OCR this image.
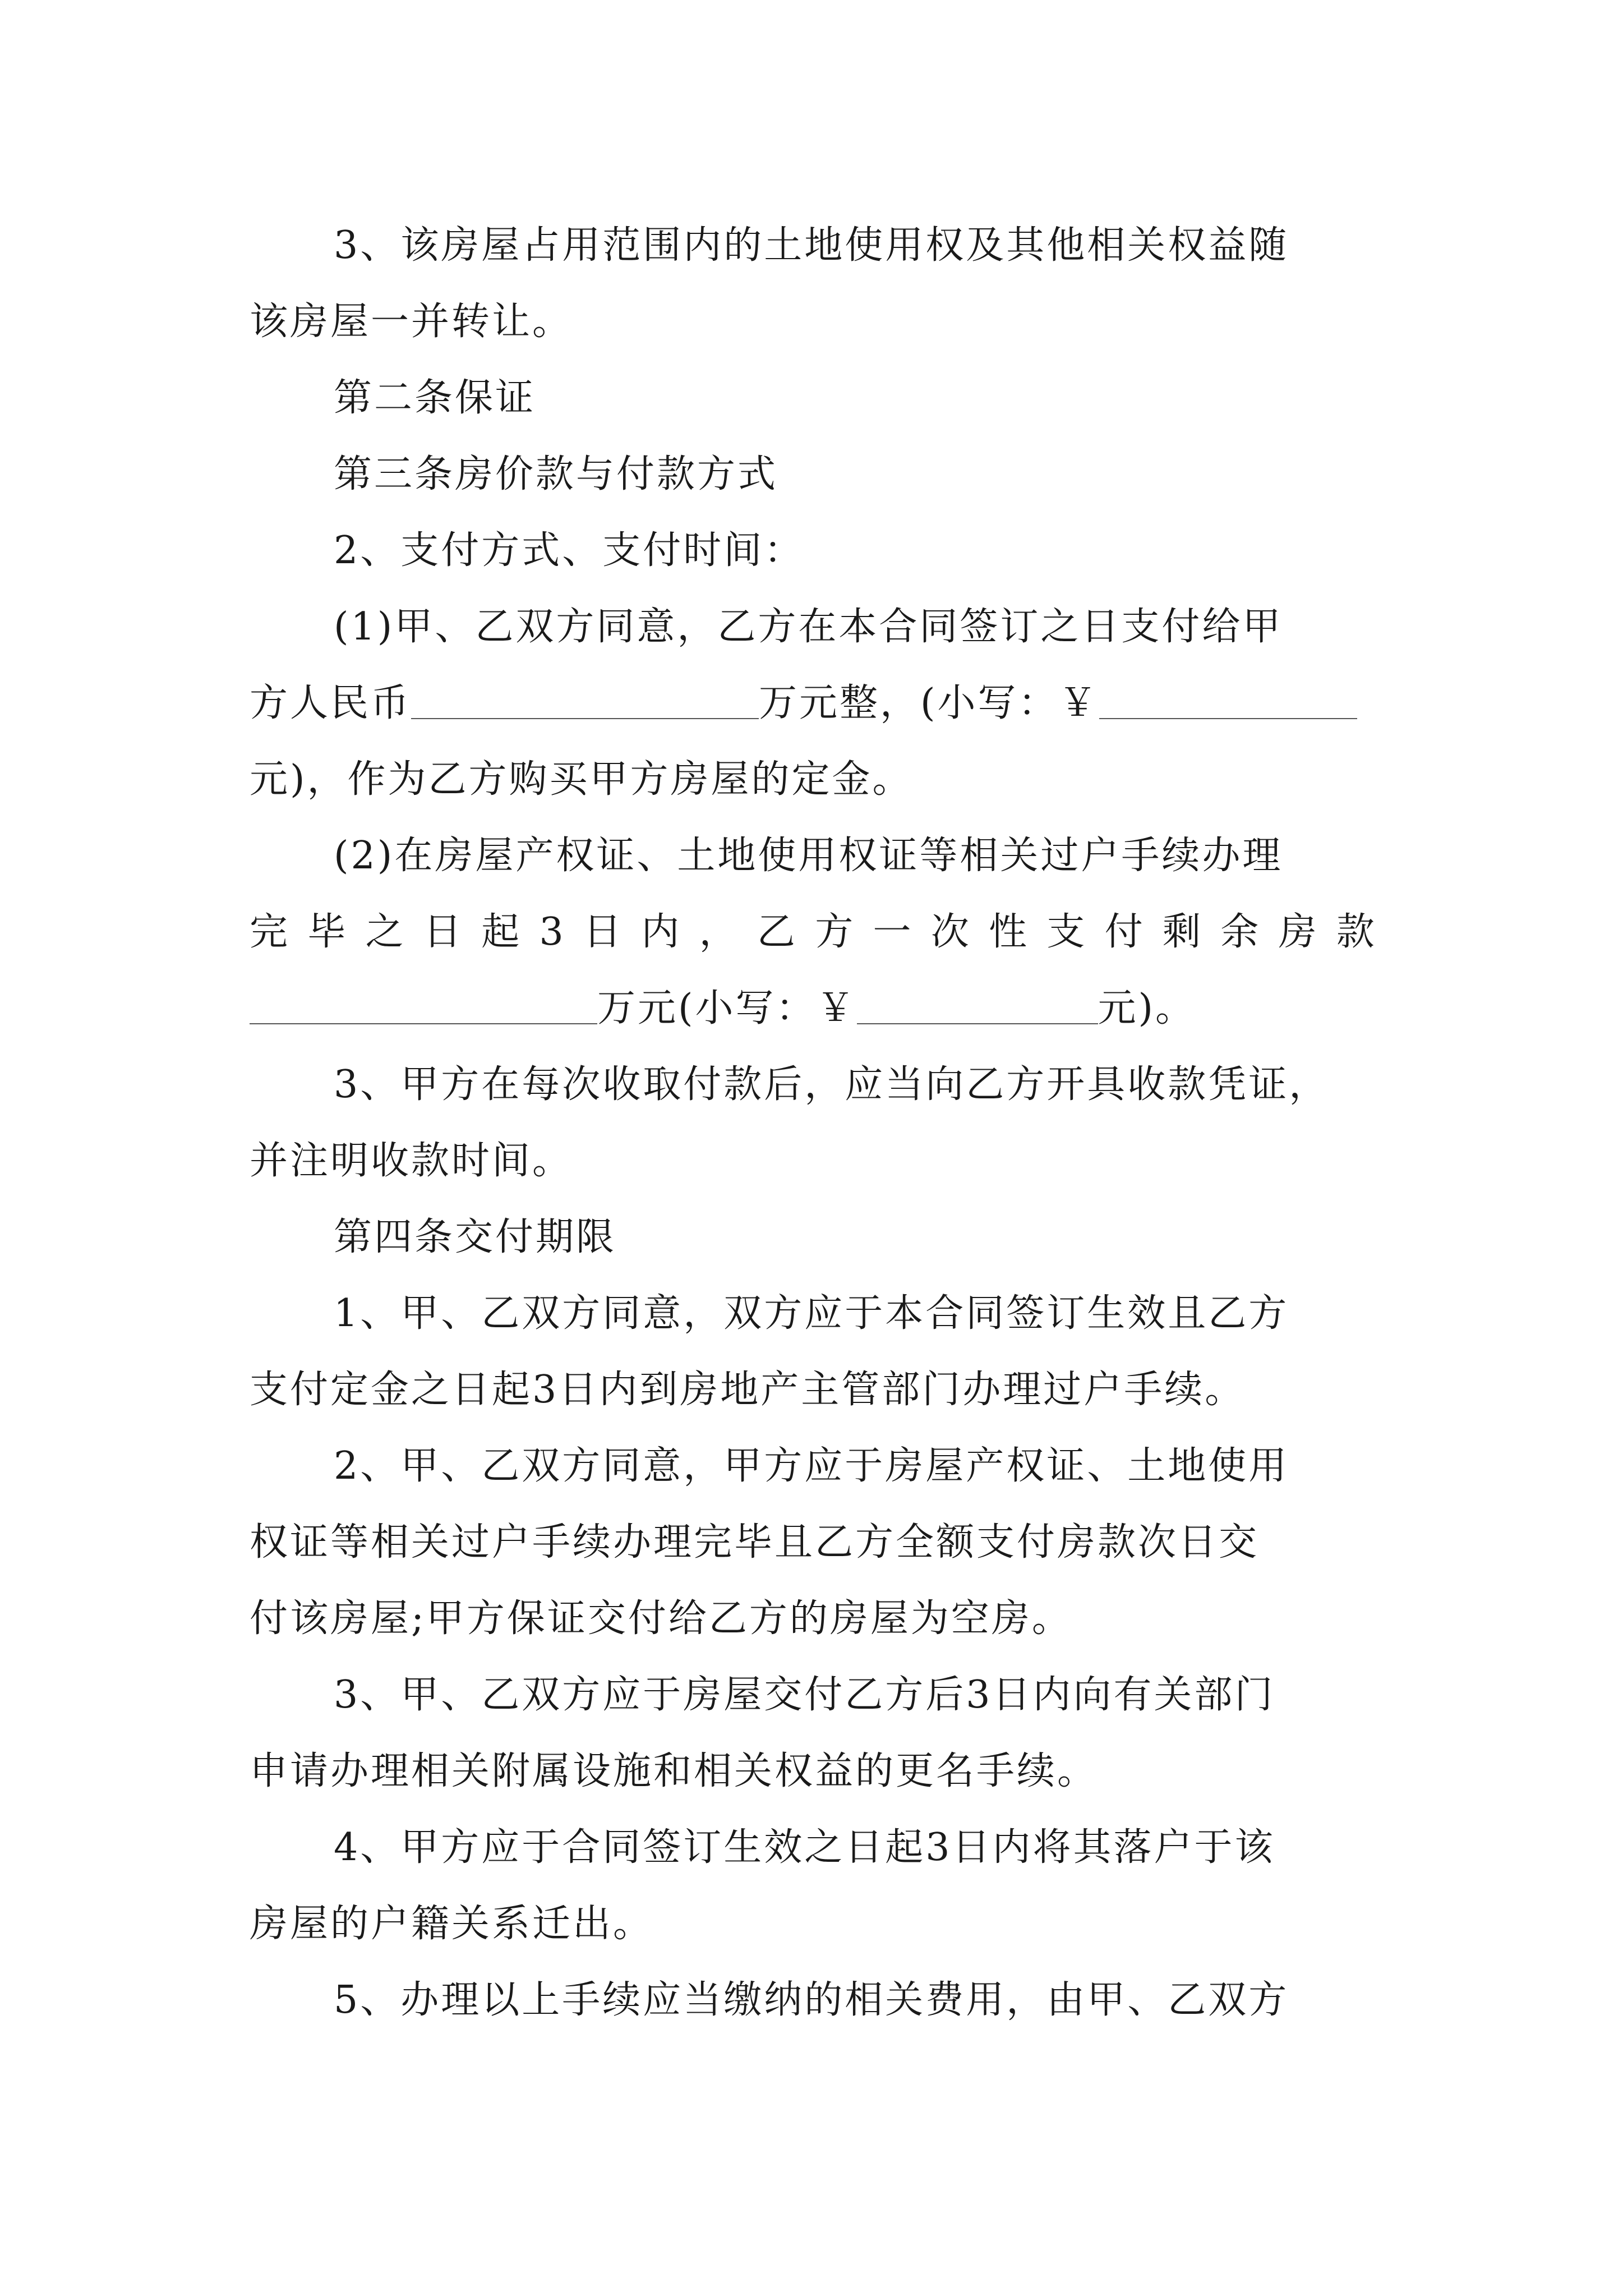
3、该房屋占用范围内的土地使用权及其他相关权益随

该房屋一并转让。

第二条保证

第三条房价款与付款方式

2、支付方式、支付时间：

(1)甲、乙双方同意，乙方在本合同签订之日支付给甲

方人民币	万元整，(小写：￥

元)，作为乙方购买甲方房屋的定金。

(2)在房屋产权证、土地使用权证等相关过户手续办理

完 毕 之 日 起 3 日 内 ， 乙 方 一 次 性 支 付 剩 余 房 款

万元(小写：￥	元)。

3、甲方在每次收取付款后，应当向乙方开具收款凭证，

并注明收款时间。

第四条交付期限

1、甲、乙双方同意，双方应于本合同签订生效且乙方

支付定金之日起3日内到房地产主管部门办理过户手续。

2、甲、乙双方同意，甲方应于房屋产权证、土地使用

权证等相关过户手续办理完毕且乙方全额支付房款次日交

付该房屋;甲方保证交付给乙方的房屋为空房。

3、甲、乙双方应于房屋交付乙方后3日内向有关部门

申请办理相关附属设施和相关权益的更名手续。

4、甲方应于合同签订生效之日起3日内将其落户于该

房屋的户籍关系迁出。

5、办理以上手续应当缴纳的相关费用，由甲、乙双方
